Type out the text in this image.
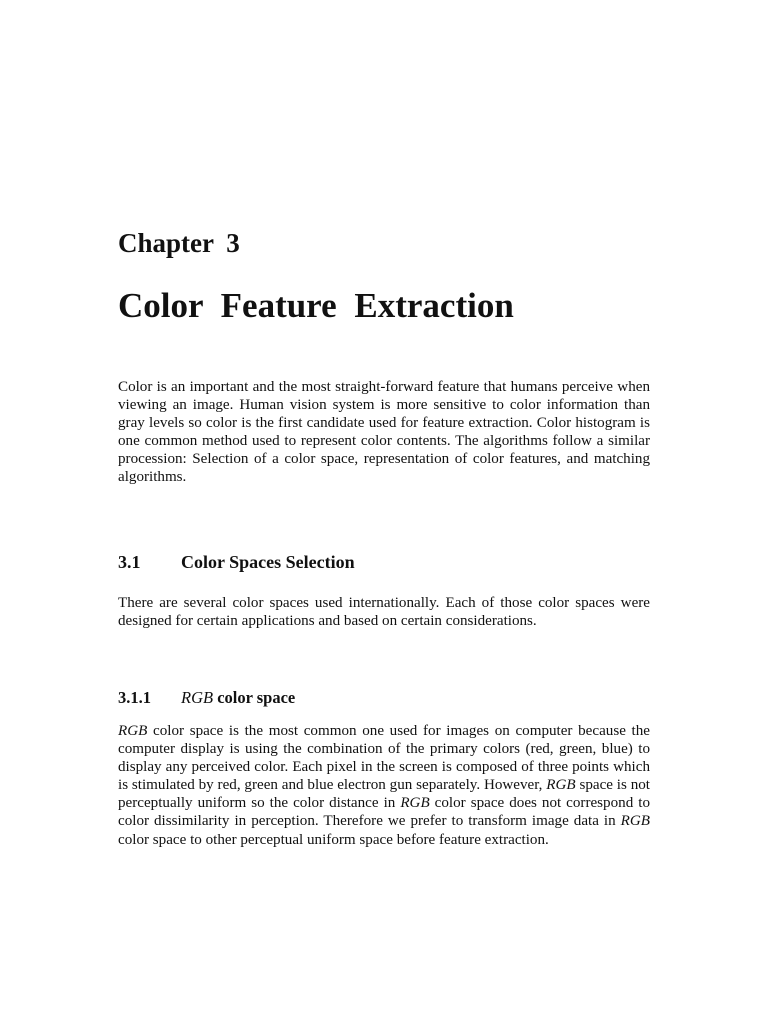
Chapter 3
Color Feature Extraction

Color is an important and the most straight-forward feature that humans perceive when viewing an image. Human vision system is more sensitive to color information than gray levels so color is the first candidate used for feature extraction. Color histogram is one common method used to represent color contents. The algorithms follow a similar procession: Selection of a color space, representation of color features, and matching algorithms.

3.1 Color Spaces Selection

There are several color spaces used internationally. Each of those color spaces were designed for certain applications and based on certain considerations.

3.1.1 RGB color space

RGB color space is the most common one used for images on computer because the computer display is using the combination of the primary colors (red, green, blue) to display any perceived color. Each pixel in the screen is composed of three points which is stimulated by red, green and blue electron gun separately. However, RGB space is not perceptually uniform so the color distance in RGB color space does not correspond to color dissimilarity in perception. Therefore we prefer to transform image data in RGB color space to other perceptual uniform space before feature extraction.
